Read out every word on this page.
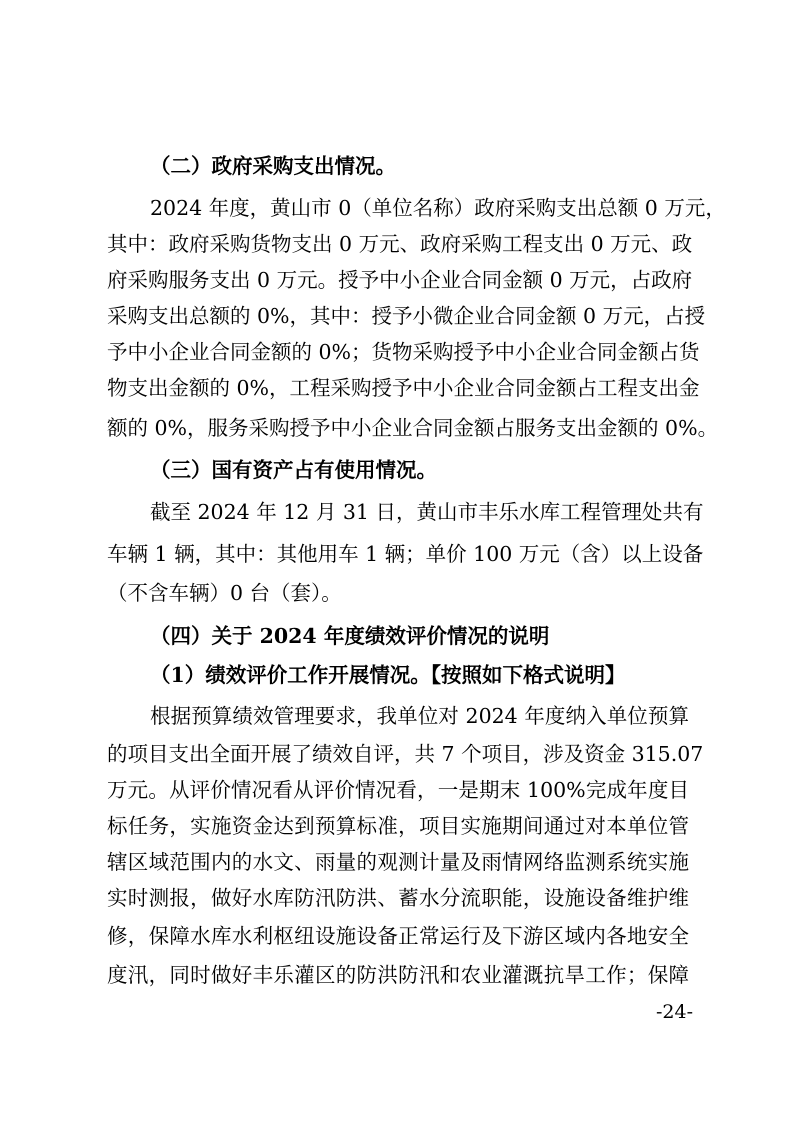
（二）政府采购支出情况。
2024 年度，黄山市 0（单位名称）政府采购支出总额 0 万元，
其中：政府采购货物支出 0 万元、政府采购工程支出 0 万元、政
府采购服务支出 0 万元。授予中小企业合同金额 0 万元，占政府
采购支出总额的 0%，其中：授予小微企业合同金额 0 万元，占授
予中小企业合同金额的 0%；货物采购授予中小企业合同金额占货
物支出金额的 0%，工程采购授予中小企业合同金额占工程支出金
额的 0%，服务采购授予中小企业合同金额占服务支出金额的 0%。
（三）国有资产占有使用情况。
截至 2024 年 12 月 31 日，黄山市丰乐水库工程管理处共有
车辆 1 辆，其中：其他用车 1 辆；单价 100 万元（含）以上设备
（不含车辆）0 台（套）。
（四）关于 2024 年度绩效评价情况的说明
（1）绩效评价工作开展情况。【按照如下格式说明】
根据预算绩效管理要求，我单位对 2024 年度纳入单位预算
的项目支出全面开展了绩效自评，共 7 个项目，涉及资金 315.07
万元。从评价情况看从评价情况看，一是期末 100%完成年度目
标任务，实施资金达到预算标准，项目实施期间通过对本单位管
辖区域范围内的水文、雨量的观测计量及雨情网络监测系统实施
实时测报，做好水库防汛防洪、蓄水分流职能，设施设备维护维
修，保障水库水利枢纽设施设备正常运行及下游区域内各地安全
度汛，同时做好丰乐灌区的防洪防汛和农业灌溉抗旱工作；保障
-24-
